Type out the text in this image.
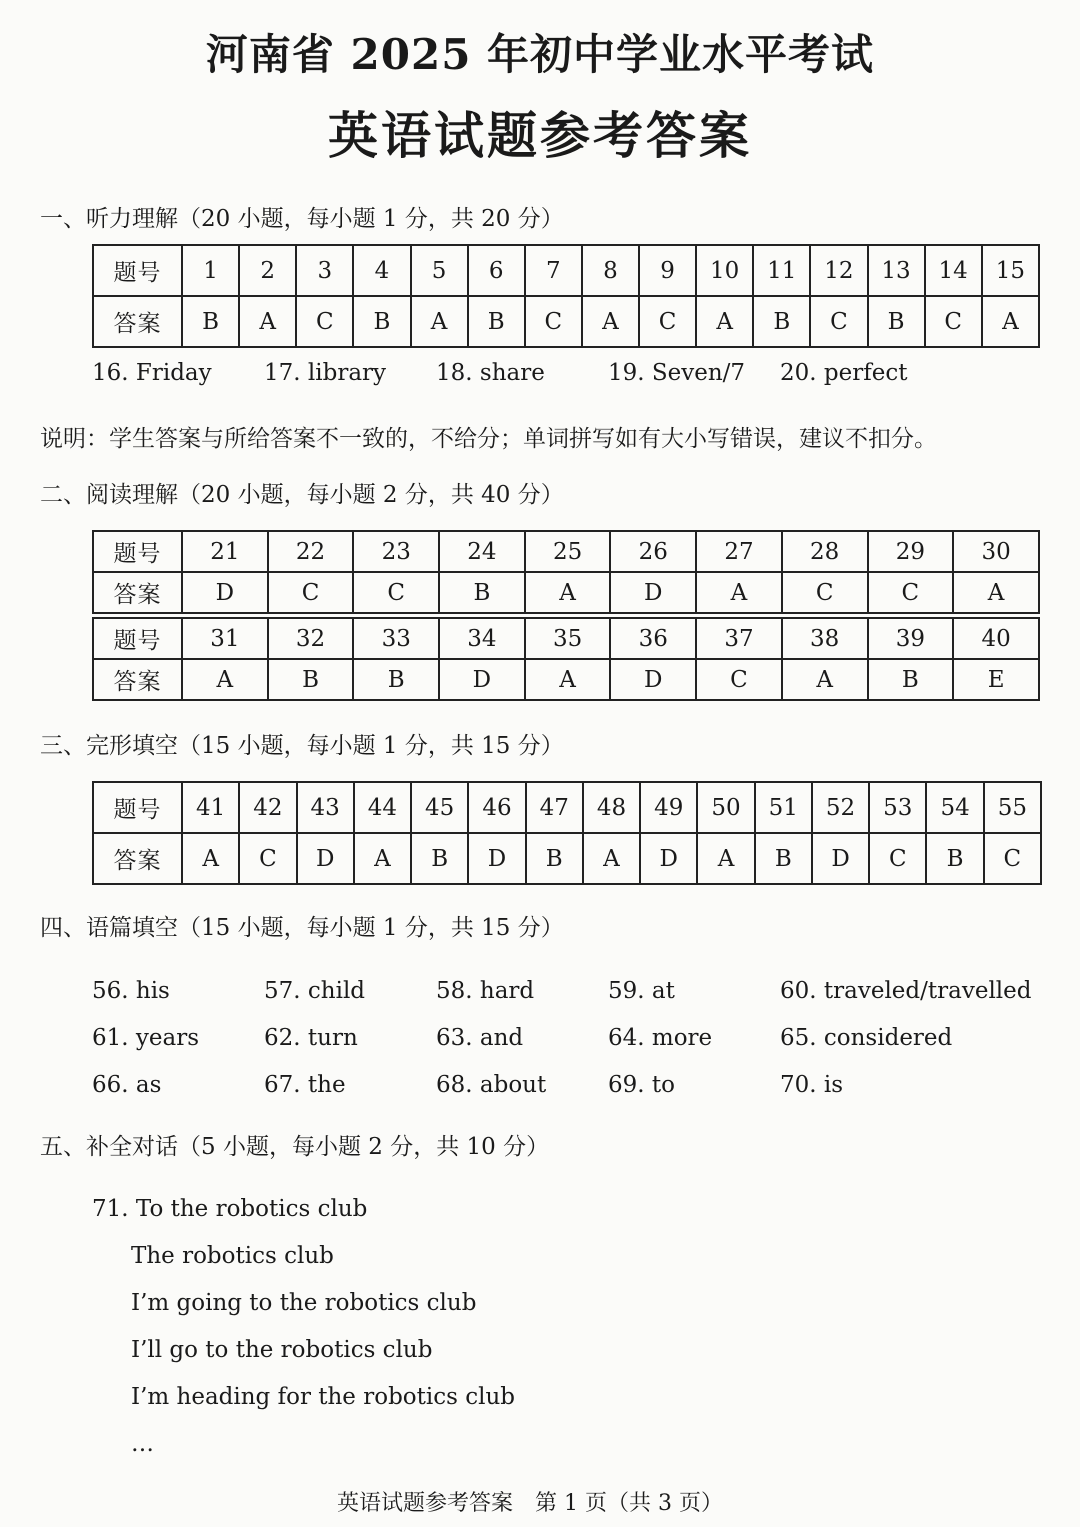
河南省 2025 年初中学业水平考试
英语试题参考答案
一、听力理解（20 小题，每小题 1 分，共 20 分）
题号	1	2	3	4	5	6	7	8	9	10	11	12	13	14	15
答案	B	A	C	B	A	B	C	A	C	A	B	C	B	C	A
16. Friday 17. library 18. share	19. Seven/7 20. perfect
说明：学生答案与所给答案不一致的，不给分；单词拼写如有大小写错误，建议不扣分。
二、阅读理解（20 小题，每小题 2 分，共 40 分）
题号	21	22	23	24	25	26	27	28	29	30
答案	D	C	C	B	A	D	A	C	C	A

题号	31	32	33	34	35	36	37	38	39	40
答案	A	B	B	D	A	D	C	A	B	E
三、完形填空（15 小题，每小题 1 分，共 15 分）
题号	41	42	43	44	45	46	47	48	49	50	51	52	53	54	55
答案	A	C	D	A	B	D	B	A	D	A	B	D	C	B	C
四、语篇填空（15 小题，每小题 1 分，共 15 分）
56. his	57. child	58. hard	59. at	60. traveled/travelled
61. years	62. turn	63. and	64. more	65. considered
66. as	67. the	68. about	69. to	70. is
五、补全对话（5 小题，每小题 2 分，共 10 分）
71. To the robotics club
The robotics club
I’m going to the robotics club
I’ll go to the robotics club
I’m heading for the robotics club
…
英语试题参考答案　第 1 页（共 3 页）
